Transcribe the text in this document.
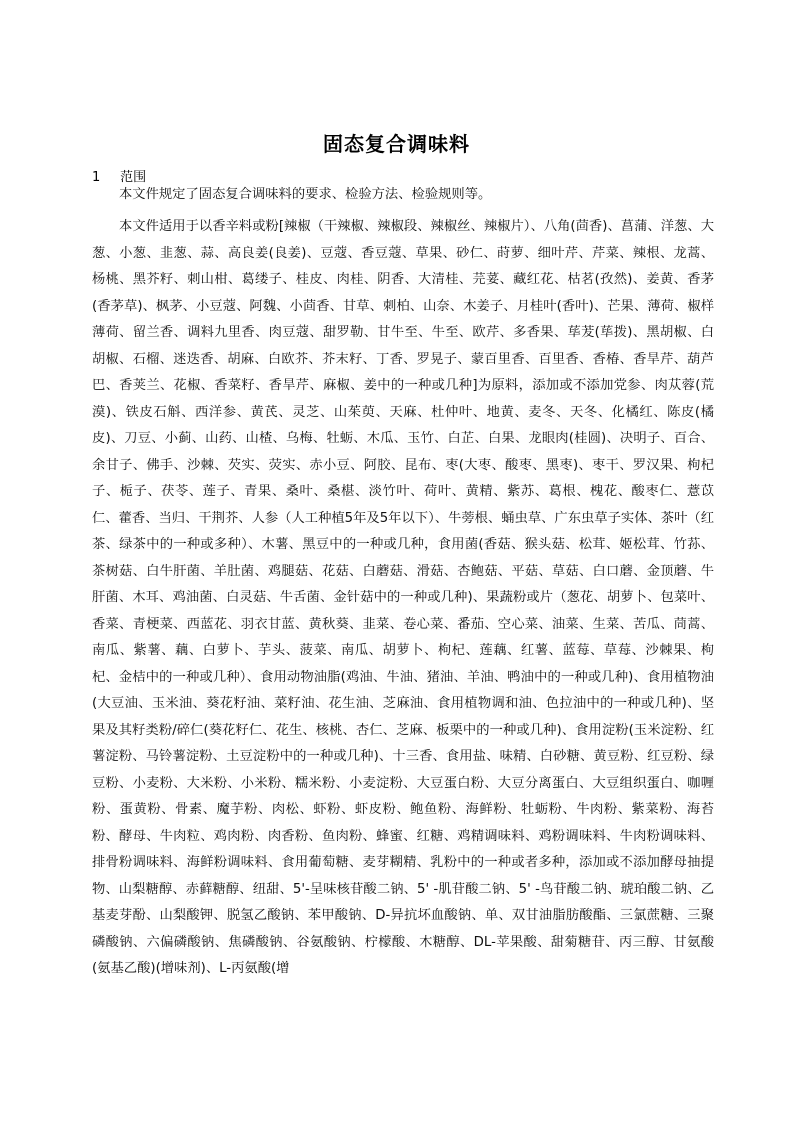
固态复合调味料
1 范围
本文件规定了固态复合调味料的要求、检验方法、检验规则等。
本文件适用于以香辛料或粉[辣椒（干辣椒、辣椒段、辣椒丝、辣椒片）、八角(茴香)、菖蒲、洋葱、大葱、小葱、韭葱、蒜、高良姜(良姜)、豆蔻、香豆蔻、草果、砂仁、莳萝、细叶芹、芹菜、辣根、龙蒿、杨桃、黑芥籽、刺山柑、葛缕子、桂皮、肉桂、阴香、大清桂、芫荽、藏红花、枯茗(孜然)、姜黄、香茅(香茅草)、枫茅、小豆蔻、阿魏、小茴香、甘草、刺柏、山奈、木姜子、月桂叶(香叶)、芒果、薄荷、椒样薄荷、留兰香、调料九里香、肉豆蔻、甜罗勒、甘牛至、牛至、欧芹、多香果、荜茇(荜拨)、黑胡椒、白胡椒、石榴、迷迭香、胡麻、白欧芥、芥末籽、丁香、罗晃子、蒙百里香、百里香、香椿、香旱芹、葫芦巴、香荚兰、花椒、香菜籽、香旱芹、麻椒、姜中的一种或几种]为原料，添加或不添加党参、肉苁蓉(荒漠)、铁皮石斛、西洋参、黄芪、灵芝、山茱萸、天麻、杜仲叶、地黄、麦冬、天冬、化橘红、陈皮(橘皮)、刀豆、小蓟、山药、山楂、乌梅、牡蛎、木瓜、玉竹、白芷、白果、龙眼肉(桂圆)、决明子、百合、余甘子、佛手、沙棘、芡实、荧实、赤小豆、阿胶、昆布、枣(大枣、酸枣、黑枣)、枣干、罗汉果、枸杞子、栀子、茯苓、莲子、青果、桑叶、桑椹、淡竹叶、荷叶、黄精、紫苏、葛根、槐花、酸枣仁、薏苡仁、藿香、当归、干荆芥、人参（人工种植5年及5年以下）、牛蒡根、蛹虫草、广东虫草子实体、茶叶（红茶、绿茶中的一种或多种）、木薯、黑豆中的一种或几种，食用菌(香菇、猴头菇、松茸、姬松茸、竹荪、茶树菇、白牛肝菌、羊肚菌、鸡腿菇、花菇、白蘑菇、滑菇、杏鲍菇、平菇、草菇、白口蘑、金顶蘑、牛肝菌、木耳、鸡油菌、白灵菇、牛舌菌、金针菇中的一种或几种)、果蔬粉或片（葱花、胡萝卜、包菜叶、香菜、青梗菜、西蓝花、羽衣甘蓝、黄秋葵、韭菜、卷心菜、番茄、空心菜、油菜、生菜、苦瓜、茼蒿、南瓜、紫薯、藕、白萝卜、芋头、菠菜、南瓜、胡萝卜、枸杞、莲藕、红薯、蓝莓、草莓、沙棘果、枸杞、金桔中的一种或几种）、食用动物油脂(鸡油、牛油、猪油、羊油、鸭油中的一种或几种)、食用植物油(大豆油、玉米油、葵花籽油、菜籽油、花生油、芝麻油、食用植物调和油、色拉油中的一种或几种)、坚果及其籽类粉/碎仁(葵花籽仁、花生、核桃、杏仁、芝麻、板栗中的一种或几种)、食用淀粉(玉米淀粉、红薯淀粉、马铃薯淀粉、土豆淀粉中的一种或几种)、十三香、食用盐、味精、白砂糖、黄豆粉、红豆粉、绿豆粉、小麦粉、大米粉、小米粉、糯米粉、小麦淀粉、大豆蛋白粉、大豆分离蛋白、大豆组织蛋白、咖喱粉、蛋黄粉、骨素、魔芋粉、肉松、虾粉、虾皮粉、鲍鱼粉、海鲜粉、牡蛎粉、牛肉粉、紫菜粉、海苔粉、酵母、牛肉粒、鸡肉粉、肉香粉、鱼肉粉、蜂蜜、红糖、鸡精调味料、鸡粉调味料、牛肉粉调味料、排骨粉调味料、海鲜粉调味料、食用葡萄糖、麦芽糊精、乳粉中的一种或者多种，添加或不添加酵母抽提物、山梨糖醇、赤藓糖醇、纽甜、5'-呈味核苷酸二钠、5' -肌苷酸二钠、5' -鸟苷酸二钠、琥珀酸二钠、乙基麦芽酚、山梨酸钾、脱氢乙酸钠、苯甲酸钠、D-异抗坏血酸钠、单、双甘油脂肪酸酯、三氯蔗糖、三聚磷酸钠、六偏磷酸钠、焦磷酸钠、谷氨酸钠、柠檬酸、木糖醇、DL-苹果酸、甜菊糖苷、丙三醇、甘氨酸(氨基乙酸)(增味剂)、L-丙氨酸(增
